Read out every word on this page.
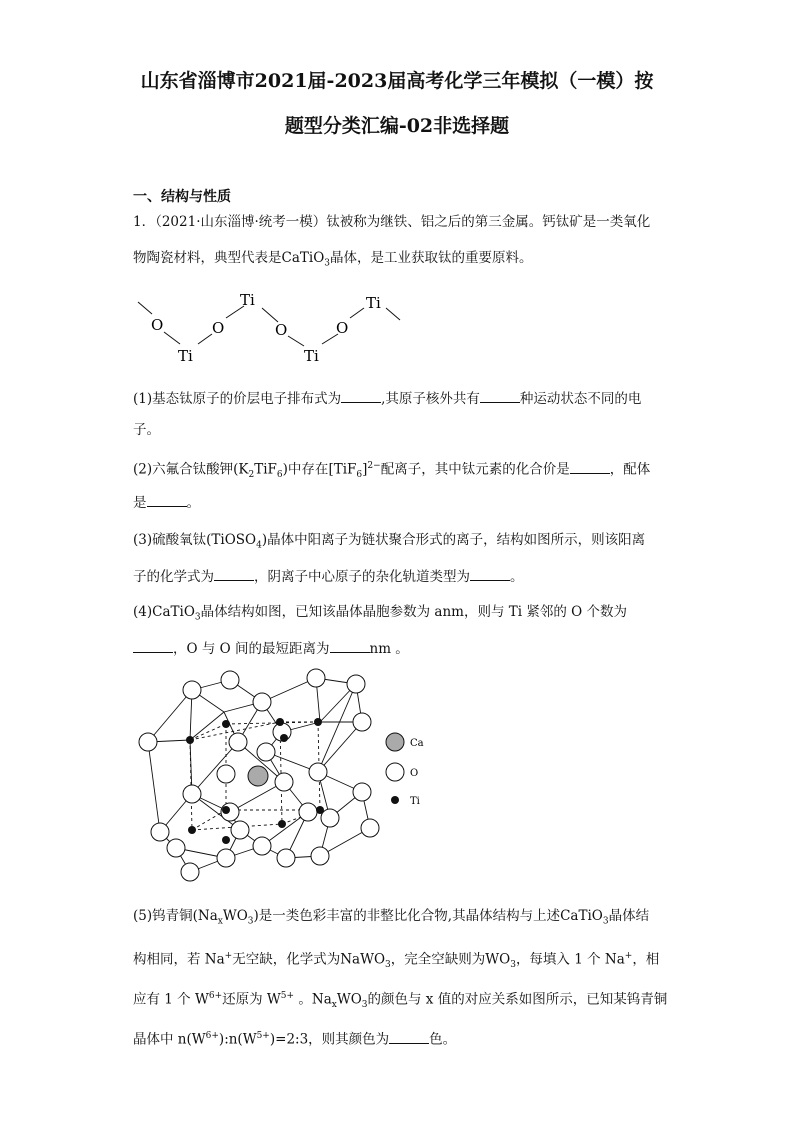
山东省淄博市2021届-2023届高考化学三年模拟（一模）按
题型分类汇编-02非选择题
一、结构与性质
1．（2021·山东淄博·统考一模）钛被称为继铁、铝之后的第三金属。钙钛矿是一类氧化
物陶瓷材料，典型代表是CaTiO$_3$晶体，是工业获取钛的重要原料。
O
Ti
O
Ti
O
Ti
O
Ti
(1)基态钛原子的价层电子排布式为	,其原子核外共有	种运动状态不同的电
子。
(2)六氟合钛酸钾$(K_2TiF_6)$中存在$[TiF_6]^{2-}$配离子，其中钛元素的化合价是	，配体
是	。
(3)硫酸氧钛(TiOSO$_4$)晶体中阳离子为链状聚合形式的离子，结构如图所示，则该阳离
子的化学式为	，阴离子中心原子的杂化轨道类型为	。
(4)CaTiO$_3$晶体结构如图，已知该晶体晶胞参数为 anm，则与 Ti 紧邻的 O 个数为
，O 与 O 间的最短距离为	nm 。
Ca
O
Ti
(5)钨青铜$(Na_xWO_3)$是一类色彩丰富的非整比化合物,其晶体结构与上述CaTiO$_3$晶体结
构相同，若 Na+无空缺，化学式为NaWO$_3$，完全空缺则为$WO_3$，每填入 1 个 Na+，相
应有 1 个 $W^{6+}$还原为 $W^{5+}$ 。$Na_xWO_3$的颜色与 x 值的对应关系如图所示，已知某钨青铜
晶体中 $n(W^{6+}):n(W^{5+})=2:3$，则其颜色为	色。
